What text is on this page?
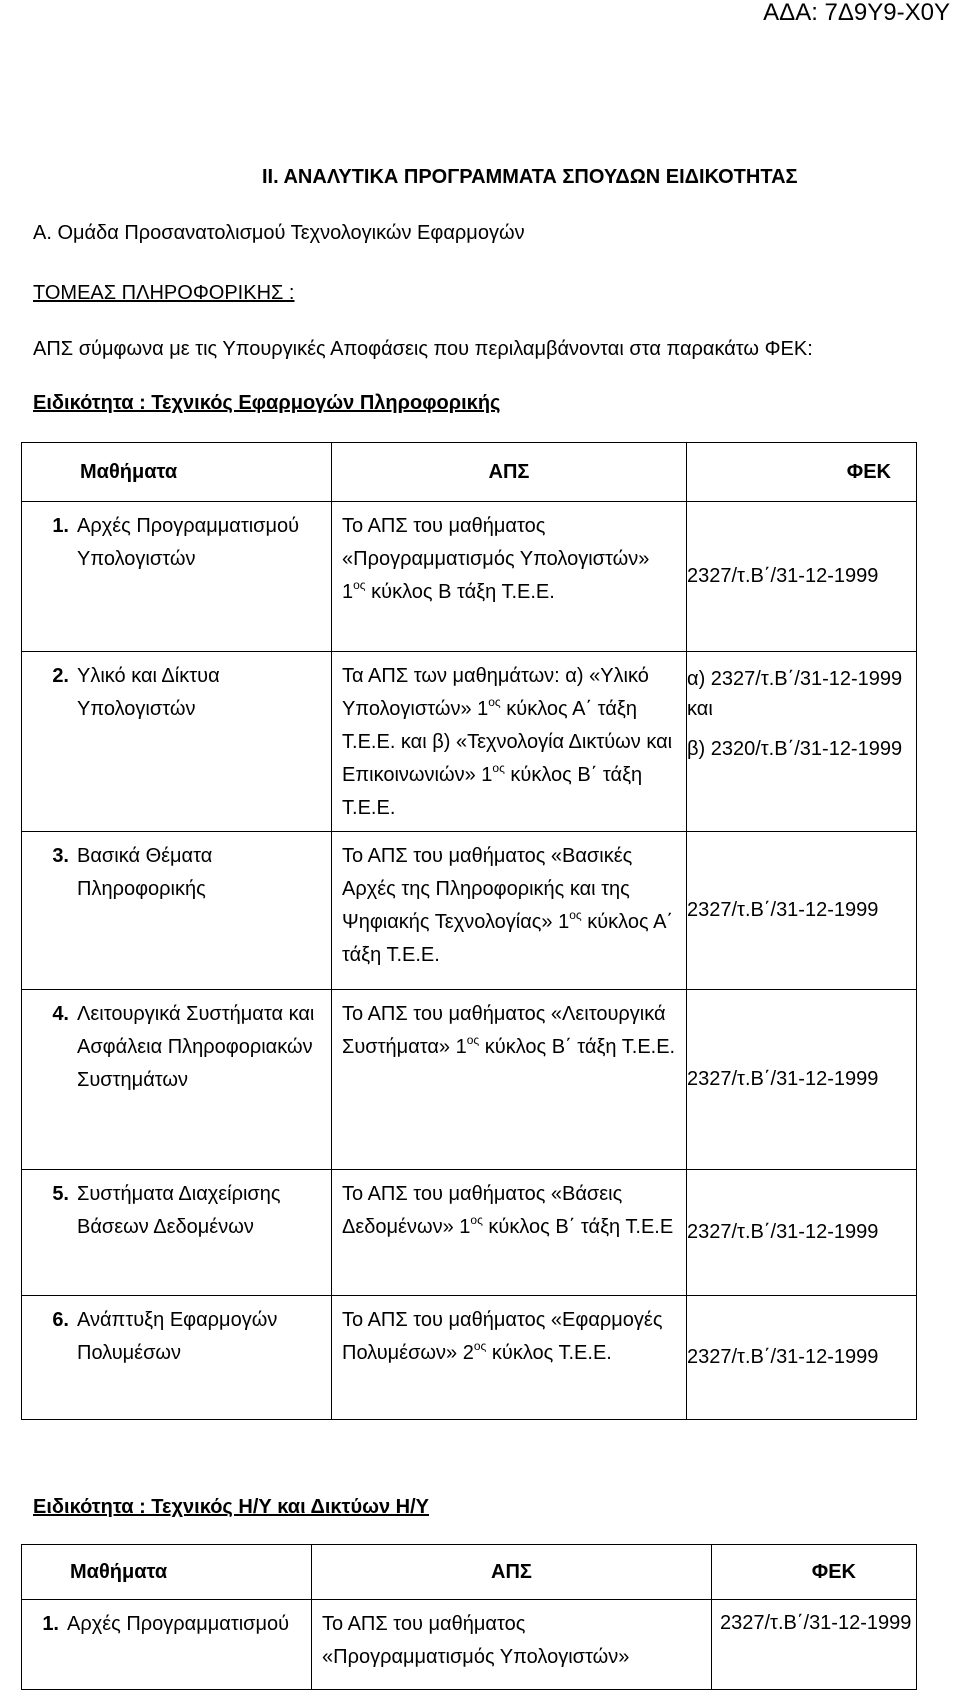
ΑΔΑ: 7Δ9Υ9-Χ0Υ
ΙΙ. ΑΝΑΛΥΤΙΚΑ ΠΡΟΓΡΑΜΜΑΤΑ ΣΠΟΥΔΩΝ ΕΙΔΙΚΟΤΗΤΑΣ
Α. Ομάδα Προσανατολισμού Τεχνολογικών Εφαρμογών
ΤΟΜΕΑΣ ΠΛΗΡΟΦΟΡΙΚΗΣ :
ΑΠΣ σύμφωνα με τις Υπουργικές Αποφάσεις που περιλαμβάνονται στα παρακάτω ΦΕΚ:
Ειδικότητα : Τεχνικός Εφαρμογών Πληροφορικής
Μαθήματα	ΑΠΣ	ΦΕΚ

1. Αρχές Προγραμματισμού Υπολογιστών	Το ΑΠΣ του μαθήματος «Προγραμματισμός Υπολογιστών» $1^{o\varsigma}$ κύκλος Β τάξη Τ.Ε.Ε.	2327/τ.Β΄/31-12-1999

2. Υλικό και Δίκτυα Υπολογιστών	Τα ΑΠΣ των μαθημάτων: α) «Υλικό Υπολογιστών» $1^{o\varsigma}$ κύκλος Α΄ τάξη Τ.Ε.Ε. και β) «Τεχνολογία Δικτύων και Επικοινωνιών» $1^{o\varsigma}$ κύκλος Β΄ τάξη Τ.Ε.Ε.	α) 2327/τ.Β΄/31-12-1999 και
β) 2320/τ.Β΄/31-12-1999

3. Βασικά Θέματα Πληροφορικής	Το ΑΠΣ του μαθήματος «Βασικές Αρχές της Πληροφορικής και της Ψηφιακής Τεχνολογίας» $1^{o\varsigma}$ κύκλος Α΄ τάξη Τ.Ε.Ε.	2327/τ.Β΄/31-12-1999

4. Λειτουργικά Συστήματα και Ασφάλεια Πληροφοριακών Συστημάτων	Το ΑΠΣ του μαθήματος «Λειτουργικά Συστήματα» $1^{o\varsigma}$ κύκλος Β΄ τάξη Τ.Ε.Ε.	2327/τ.Β΄/31-12-1999

5. Συστήματα Διαχείρισης Βάσεων Δεδομένων	Το ΑΠΣ του μαθήματος «Βάσεις Δεδομένων» $1^{o\varsigma}$ κύκλος Β΄ τάξη Τ.Ε.Ε	2327/τ.Β΄/31-12-1999

6. Ανάπτυξη Εφαρμογών Πολυμέσων	Το ΑΠΣ του μαθήματος «Εφαρμογές Πολυμέσων» $2^{o\varsigma}$ κύκλος Τ.Ε.Ε.	2327/τ.Β΄/31-12-1999
Ειδικότητα : Τεχνικός Η/Υ και Δικτύων Η/Υ
Μαθήματα	ΑΠΣ	ΦΕΚ

1. Αρχές Προγραμματισμού	Το ΑΠΣ του μαθήματος «Προγραμματισμός Υπολογιστών»	2327/τ.Β΄/31-12-1999
